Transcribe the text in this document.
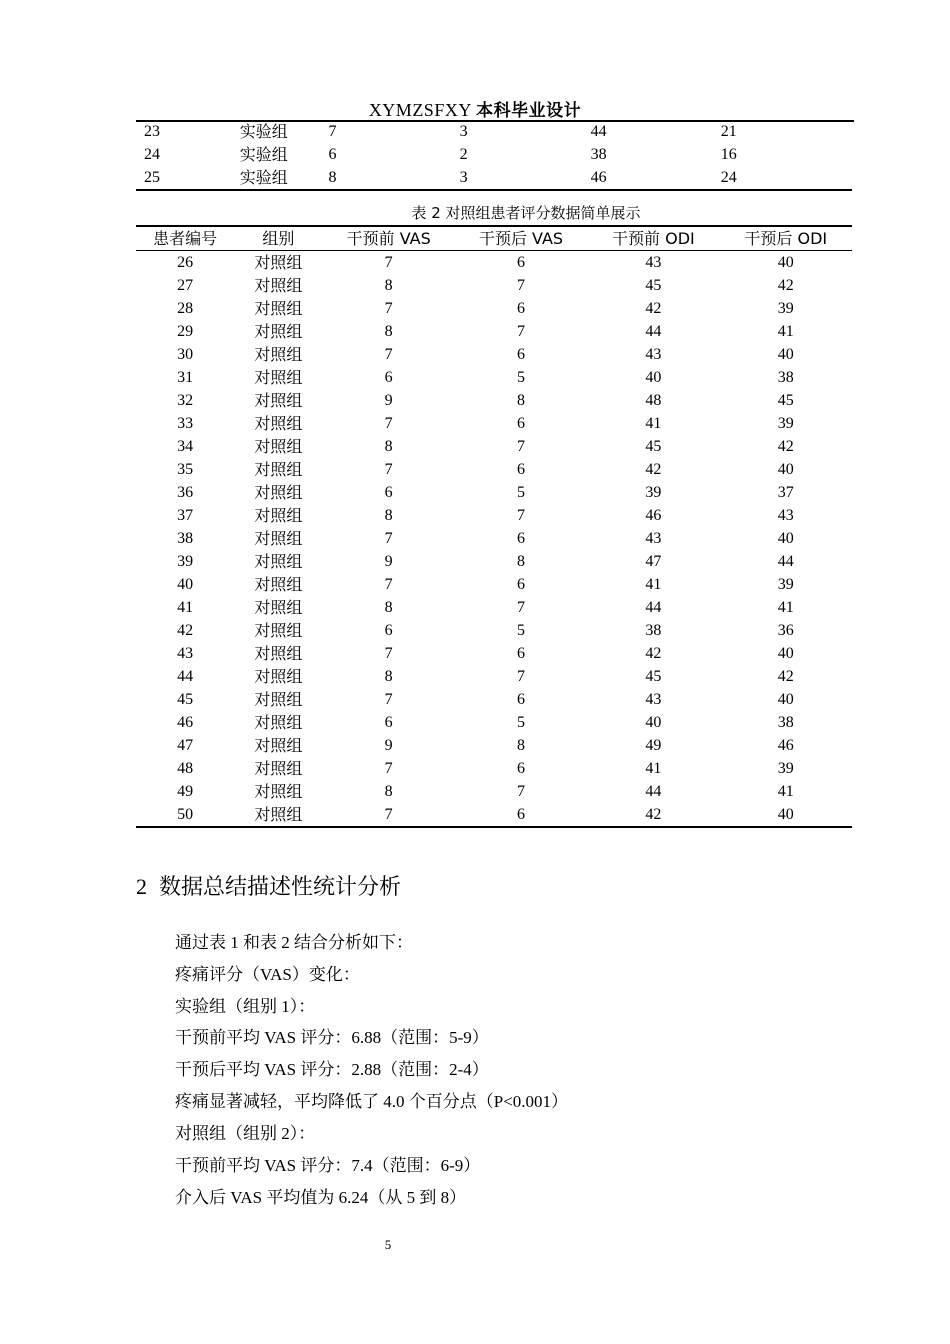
XYMZSFXY 本科毕业设计
23	实验组	7	3	44	21
24	实验组	6	2	38	16
25	实验组	8	3	46	24
表 2 对照组患者评分数据简单展示
患者编号	组别	干预前 VAS	干预后 VAS	干预前 ODI	干预后 ODI
26	对照组	7	6	43	40
27	对照组	8	7	45	42
28	对照组	7	6	42	39
29	对照组	8	7	44	41
30	对照组	7	6	43	40
31	对照组	6	5	40	38
32	对照组	9	8	48	45
33	对照组	7	6	41	39
34	对照组	8	7	45	42
35	对照组	7	6	42	40
36	对照组	6	5	39	37
37	对照组	8	7	46	43
38	对照组	7	6	43	40
39	对照组	9	8	47	44
40	对照组	7	6	41	39
41	对照组	8	7	44	41
42	对照组	6	5	38	36
43	对照组	7	6	42	40
44	对照组	8	7	45	42
45	对照组	7	6	43	40
46	对照组	6	5	40	38
47	对照组	9	8	49	46
48	对照组	7	6	41	39
49	对照组	8	7	44	41
50	对照组	7	6	42	40
2 数据总结描述性统计分析
通过表 1 和表 2 结合分析如下：
疼痛评分（VAS）变化：
实验组（组别 1）：
干预前平均 VAS 评分：6.88（范围：5-9）
干预后平均 VAS 评分：2.88（范围：2-4）
疼痛显著减轻，平均降低了 4.0 个百分点（P<0.001）
对照组（组别 2）：
干预前平均 VAS 评分：7.4（范围：6-9）
介入后 VAS 平均值为 6.24（从 5 到 8）
5
